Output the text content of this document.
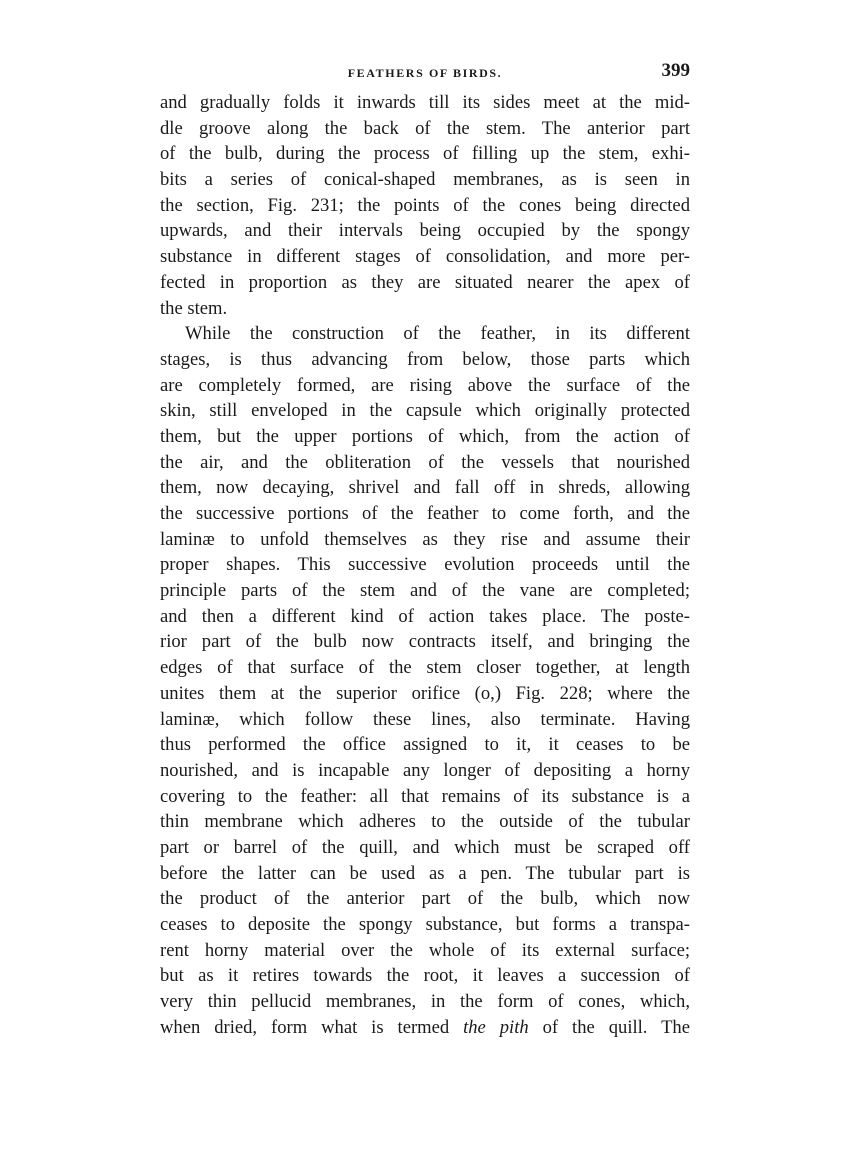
FEATHERS OF BIRDS.	399
and gradually folds it inwards till its sides meet at the mid-
dle groove along the back of the stem. The anterior part
of the bulb, during the process of filling up the stem, exhi-
bits a series of conical-shaped membranes, as is seen in
the section, Fig. 231; the points of the cones being directed
upwards, and their intervals being occupied by the spongy
substance in different stages of consolidation, and more per-
fected in proportion as they are situated nearer the apex of
the stem.
While the construction of the feather, in its different
stages, is thus advancing from below, those parts which
are completely formed, are rising above the surface of the
skin, still enveloped in the capsule which originally protected
them, but the upper portions of which, from the action of
the air, and the obliteration of the vessels that nourished
them, now decaying, shrivel and fall off in shreds, allowing
the successive portions of the feather to come forth, and the
laminæ to unfold themselves as they rise and assume their
proper shapes. This successive evolution proceeds until the
principle parts of the stem and of the vane are completed;
and then a different kind of action takes place. The poste-
rior part of the bulb now contracts itself, and bringing the
edges of that surface of the stem closer together, at length
unites them at the superior orifice (o,) Fig. 228; where the
laminæ, which follow these lines, also terminate. Having
thus performed the office assigned to it, it ceases to be
nourished, and is incapable any longer of depositing a horny
covering to the feather: all that remains of its substance is a
thin membrane which adheres to the outside of the tubular
part or barrel of the quill, and which must be scraped off
before the latter can be used as a pen. The tubular part is
the product of the anterior part of the bulb, which now
ceases to deposite the spongy substance, but forms a transpa-
rent horny material over the whole of its external surface;
but as it retires towards the root, it leaves a succession of
very thin pellucid membranes, in the form of cones, which,
when dried, form what is termed the pith of the quill. The
